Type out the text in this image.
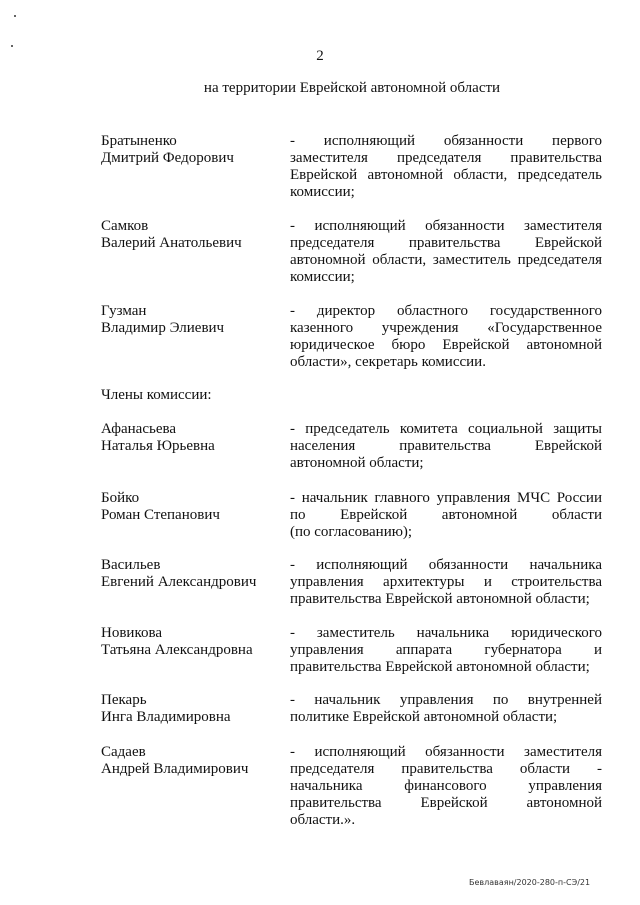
2
на территории Еврейской автономной области
Братыненко
Дмитрий Федорович
- исполняющий обязанности первого
заместителя председателя правительства
Еврейской автономной области, председатель
комиссии;
Самков
Валерий Анатольевич
- исполняющий обязанности заместителя
председателя правительства Еврейской
автономной области, заместитель председателя
комиссии;
Гузман
Владимир Элиевич
- директор областного государственного
казенного учреждения «Государственное
юридическое бюро Еврейской автономной
области», секретарь комиссии.
Члены комиссии:
Афанасьева
Наталья Юрьевна
- председатель комитета социальной защиты
населения правительства Еврейской
автономной области;
Бойко
Роман Степанович
- начальник главного управления МЧС России
по Еврейской автономной области
(по согласованию);
Васильев
Евгений Александрович
- исполняющий обязанности начальника
управления архитектуры и строительства
правительства Еврейской автономной области;
Новикова
Татьяна Александровна
- заместитель начальника юридического
управления аппарата губернатора и
правительства Еврейской автономной области;
Пекарь
Инга Владимировна
- начальник управления по внутренней
политике Еврейской автономной области;
Садаев
Андрей Владимирович
- исполняющий обязанности заместителя
председателя правительства области -
начальника финансового управления
правительства Еврейской автономной
области.».
Бевлаваян/2020-280-п-СЭ/21
